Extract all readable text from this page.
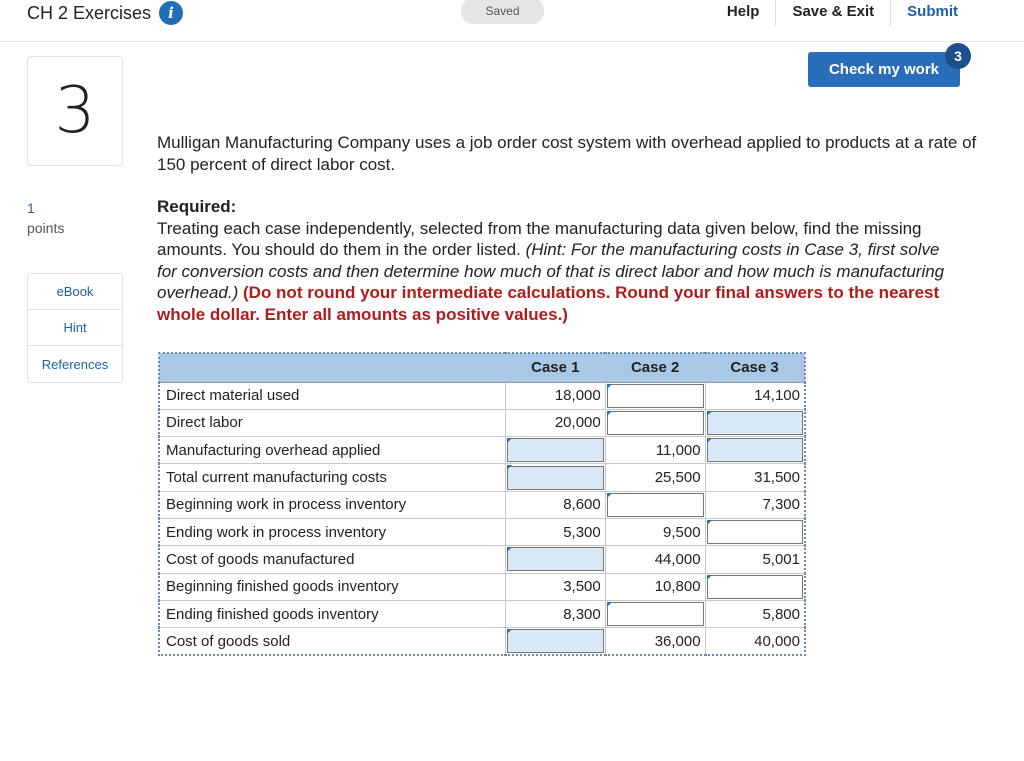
CH 2 Exercises	i	Saved	Help	Save & Exit	Submit
3
1
points
eBook
Hint
References
Check my work
3
Mulligan Manufacturing Company uses a job order cost system with overhead applied to products at a rate of 150 percent of direct labor cost.
Required:
Treating each case independently, selected from the manufacturing data given below, find the missing amounts. You should do them in the order listed. (Hint: For the manufacturing costs in Case 3, first solve for conversion costs and then determine how much of that is direct labor and how much is manufacturing overhead.) (Do not round your intermediate calculations. Round your final answers to the nearest whole dollar. Enter all amounts as positive values.)
	Case 1	Case 2	Case 3
Direct material used	18,000		14,100
Direct labor	20,000	

Manufacturing overhead applied		11,000	

Total current manufacturing costs		25,500	31,500
Beginning work in process inventory	8,600		7,300
Ending work in process inventory	5,300	9,500	

Cost of goods manufactured		44,000	5,001
Beginning finished goods inventory	3,500	10,800	

Ending finished goods inventory	8,300		5,800
Cost of goods sold		36,000	40,000
